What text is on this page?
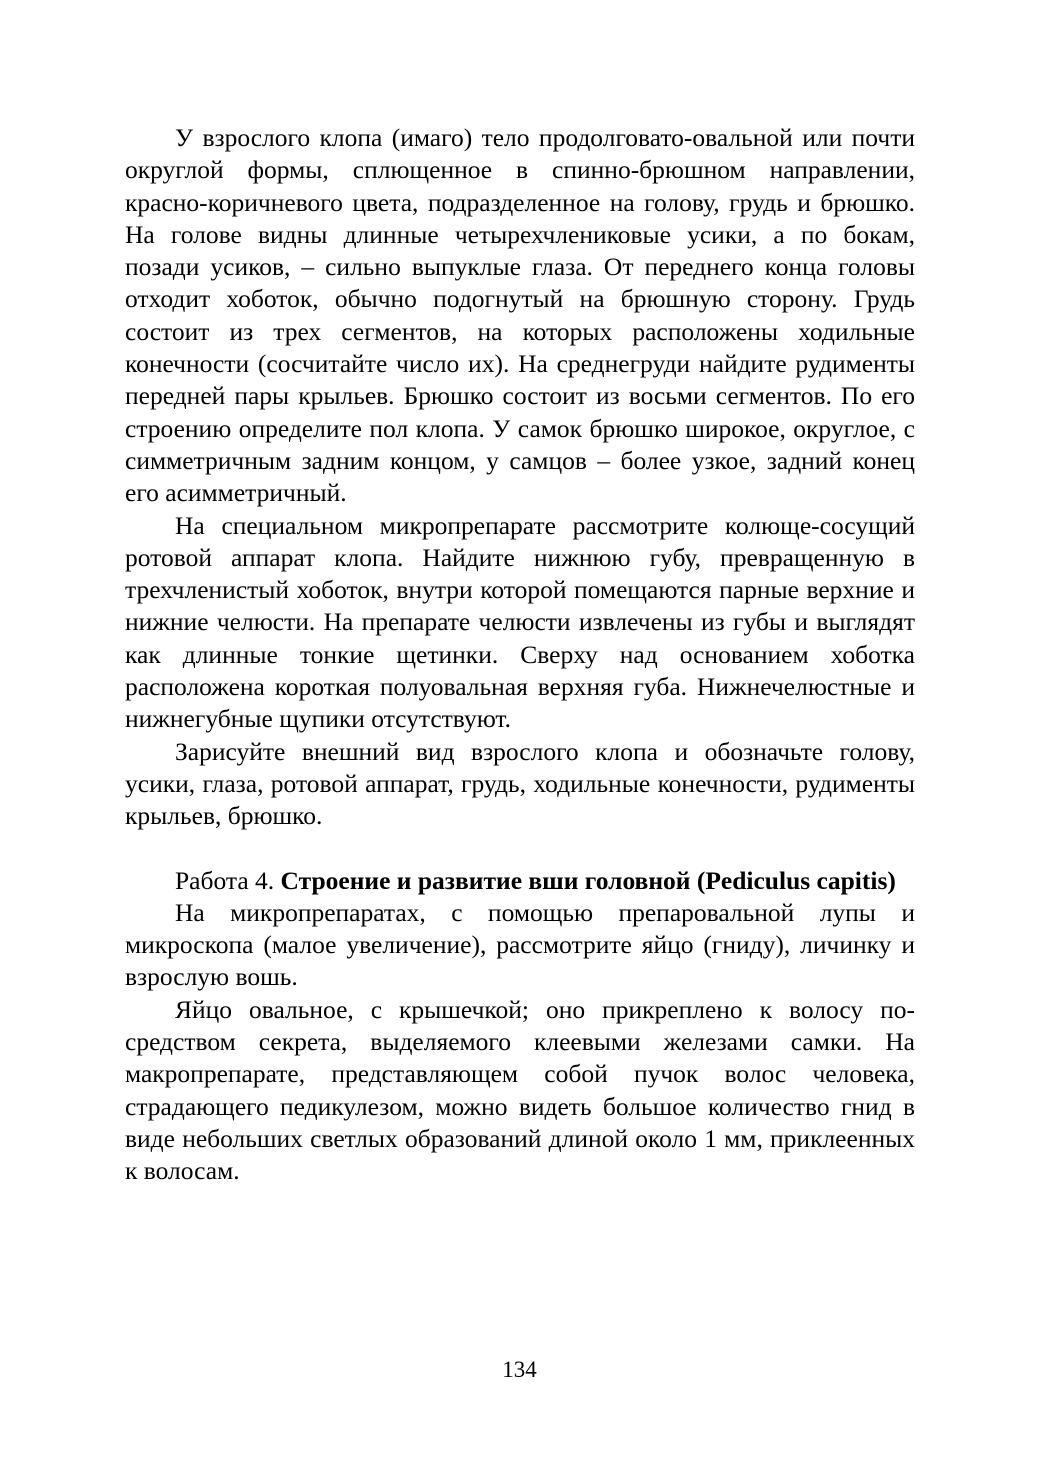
У взрослого клопа (имаго) тело продолговато-овальной или почти округлой формы, сплющенное в спинно-брюшном направлении, красно-коричневого цвета, подразделенное на голову, грудь и брюшко. На голове видны длинные четырехчлениковые усики, а по бокам, позади усиков, – сильно выпуклые глаза. От переднего конца головы отходит хоботок, обычно подогнутый на брюшную сторону. Грудь состоит из трех сегментов, на которых расположены ходильные конечности (сосчитайте число их). На среднегруди найдите рудименты передней пары крыльев. Брюшко состоит из восьми сегментов. По его строению определите пол клопа. У самок брюшко широкое, округлое, с симметричным задним концом, у самцов – более узкое, задний конец его асимметричный.

На специальном микропрепарате рассмотрите колюще-сосущий ротовой аппарат клопа. Найдите нижнюю губу, превращенную в трехчленистый хоботок, внутри которой помещаются парные верхние и нижние челюсти. На препарате челюсти извлечены из губы и выглядят как длинные тонкие щетинки. Сверху над основанием хоботка расположена короткая полуовальная верхняя губа. Нижнечелюстные и нижнегубные щупики отсутствуют.

Зарисуйте внешний вид взрослого клопа и обозначьте голову, усики, глаза, ротовой аппарат, грудь, ходильные конечности, рудименты крыльев, брюшко.

Работа 4. Строение и развитие вши головной (Pediculus capitis)

На микропрепаратах, с помощью препаровальной лупы и микроскопа (малое увеличение), рассмотрите яйцо (гниду), личинку и взрослую вошь.

Яйцо овальное, с крышечкой; оно прикреплено к волосу посредством секрета, выделяемого клеевыми железами самки. На макропрепарате, представляющем собой пучок волос человека, страдающего педикулезом, можно видеть большое количество гнид в виде небольших светлых образований длиной около 1 мм, приклеенных к волосам.

134
